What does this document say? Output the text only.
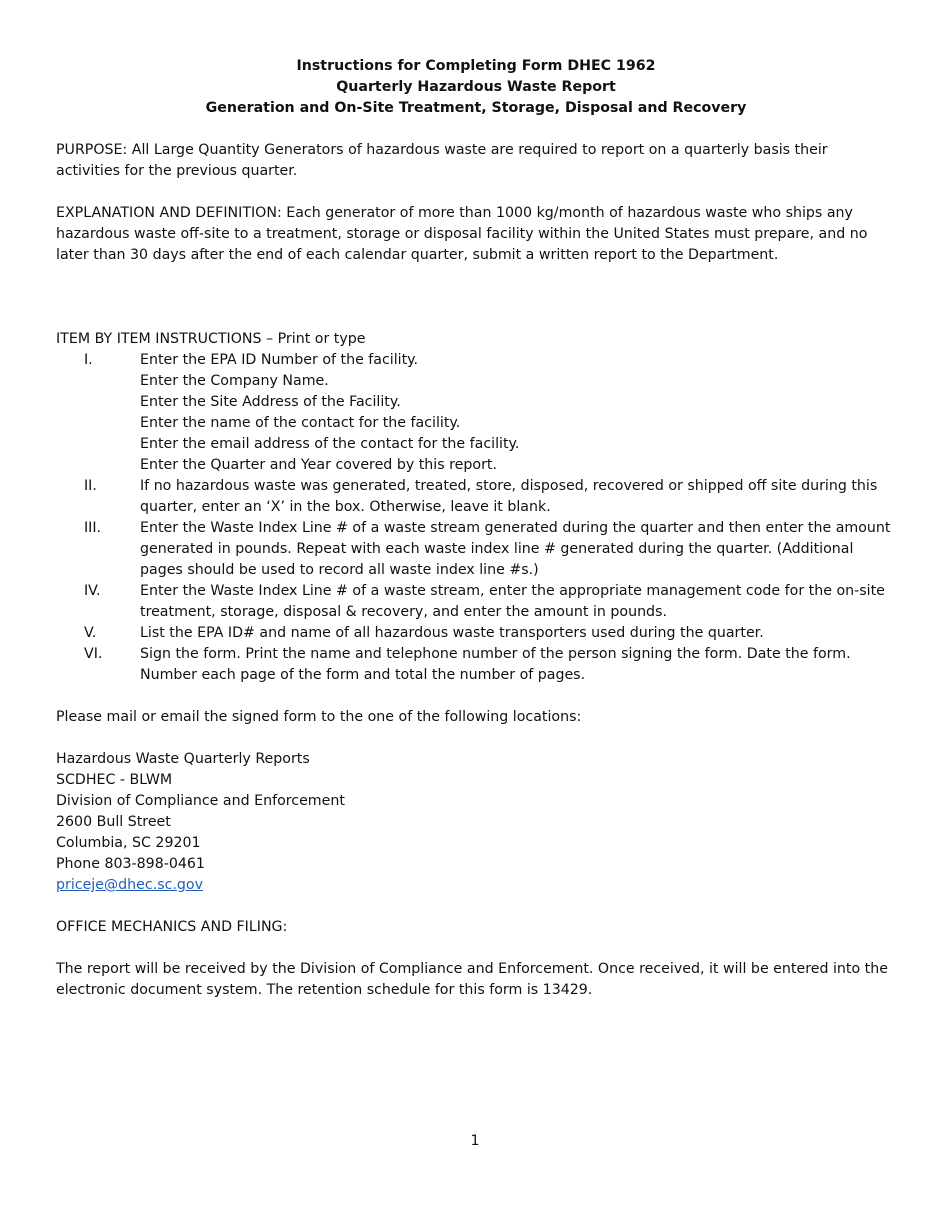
Instructions for Completing Form DHEC 1962
Quarterly Hazardous Waste Report
Generation and On-Site Treatment, Storage, Disposal and Recovery

PURPOSE: All Large Quantity Generators of hazardous waste are required to report on a quarterly basis their activities for the previous quarter.

EXPLANATION AND DEFINITION: Each generator of more than 1000 kg/month of hazardous waste who ships any hazardous waste off-site to a treatment, storage or disposal facility within the United States must prepare, and no later than 30 days after the end of each calendar quarter, submit a written report to the Department.

ITEM BY ITEM INSTRUCTIONS – Print or type

I.	Enter the EPA ID Number of the facility.
Enter the Company Name.
Enter the Site Address of the Facility.
Enter the name of the contact for the facility.
Enter the email address of the contact for the facility.
Enter the Quarter and Year covered by this report.
II.	If no hazardous waste was generated, treated, store, disposed, recovered or shipped off site during this quarter, enter an ‘X’ in the box. Otherwise, leave it blank.
III.	Enter the Waste Index Line # of a waste stream generated during the quarter and then enter the amount generated in pounds. Repeat with each waste index line # generated during the quarter. (Additional pages should be used to record all waste index line #s.)
IV.	Enter the Waste Index Line # of a waste stream, enter the appropriate management code for the on-site treatment, storage, disposal & recovery, and enter the amount in pounds.
V.	List the EPA ID# and name of all hazardous waste transporters used during the quarter.
VI.	Sign the form. Print the name and telephone number of the person signing the form. Date the form. Number each page of the form and total the number of pages.

Please mail or email the signed form to the one of the following locations:

Hazardous Waste Quarterly Reports
SCDHEC - BLWM
Division of Compliance and Enforcement
2600 Bull Street
Columbia, SC 29201
Phone 803-898-0461
priceje@dhec.sc.gov

OFFICE MECHANICS AND FILING:

The report will be received by the Division of Compliance and Enforcement. Once received, it will be entered into the electronic document system. The retention schedule for this form is 13429.

1
